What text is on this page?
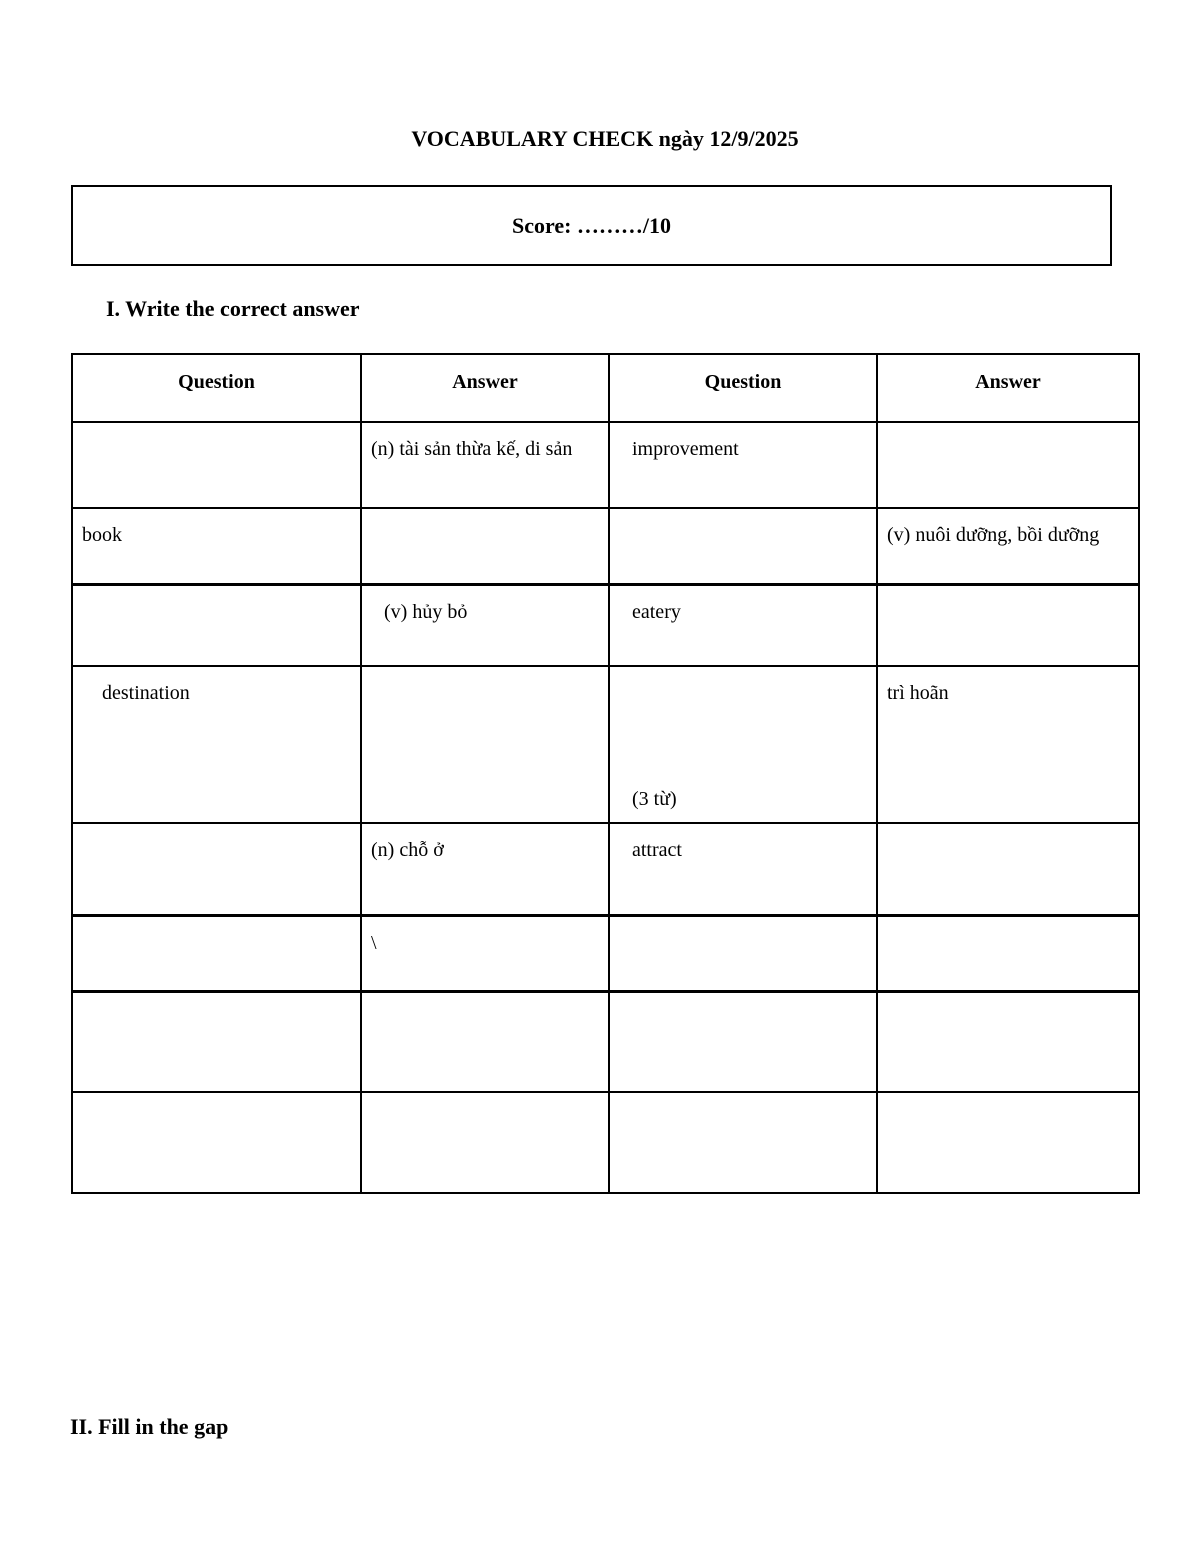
VOCABULARY CHECK ngày 12/9/2025
Score: ………/10
I. Write the correct answer
Question	Answer	Question	Answer

	(n) tài sản thừa kế, di sản	improvement	

book			(v) nuôi dưỡng, bồi dưỡng

	(v) hủy bỏ	eatery	

destination		(3 từ)	trì hoãn

	(n) chỗ ở	attract	

	\		

II. Fill in the gap
